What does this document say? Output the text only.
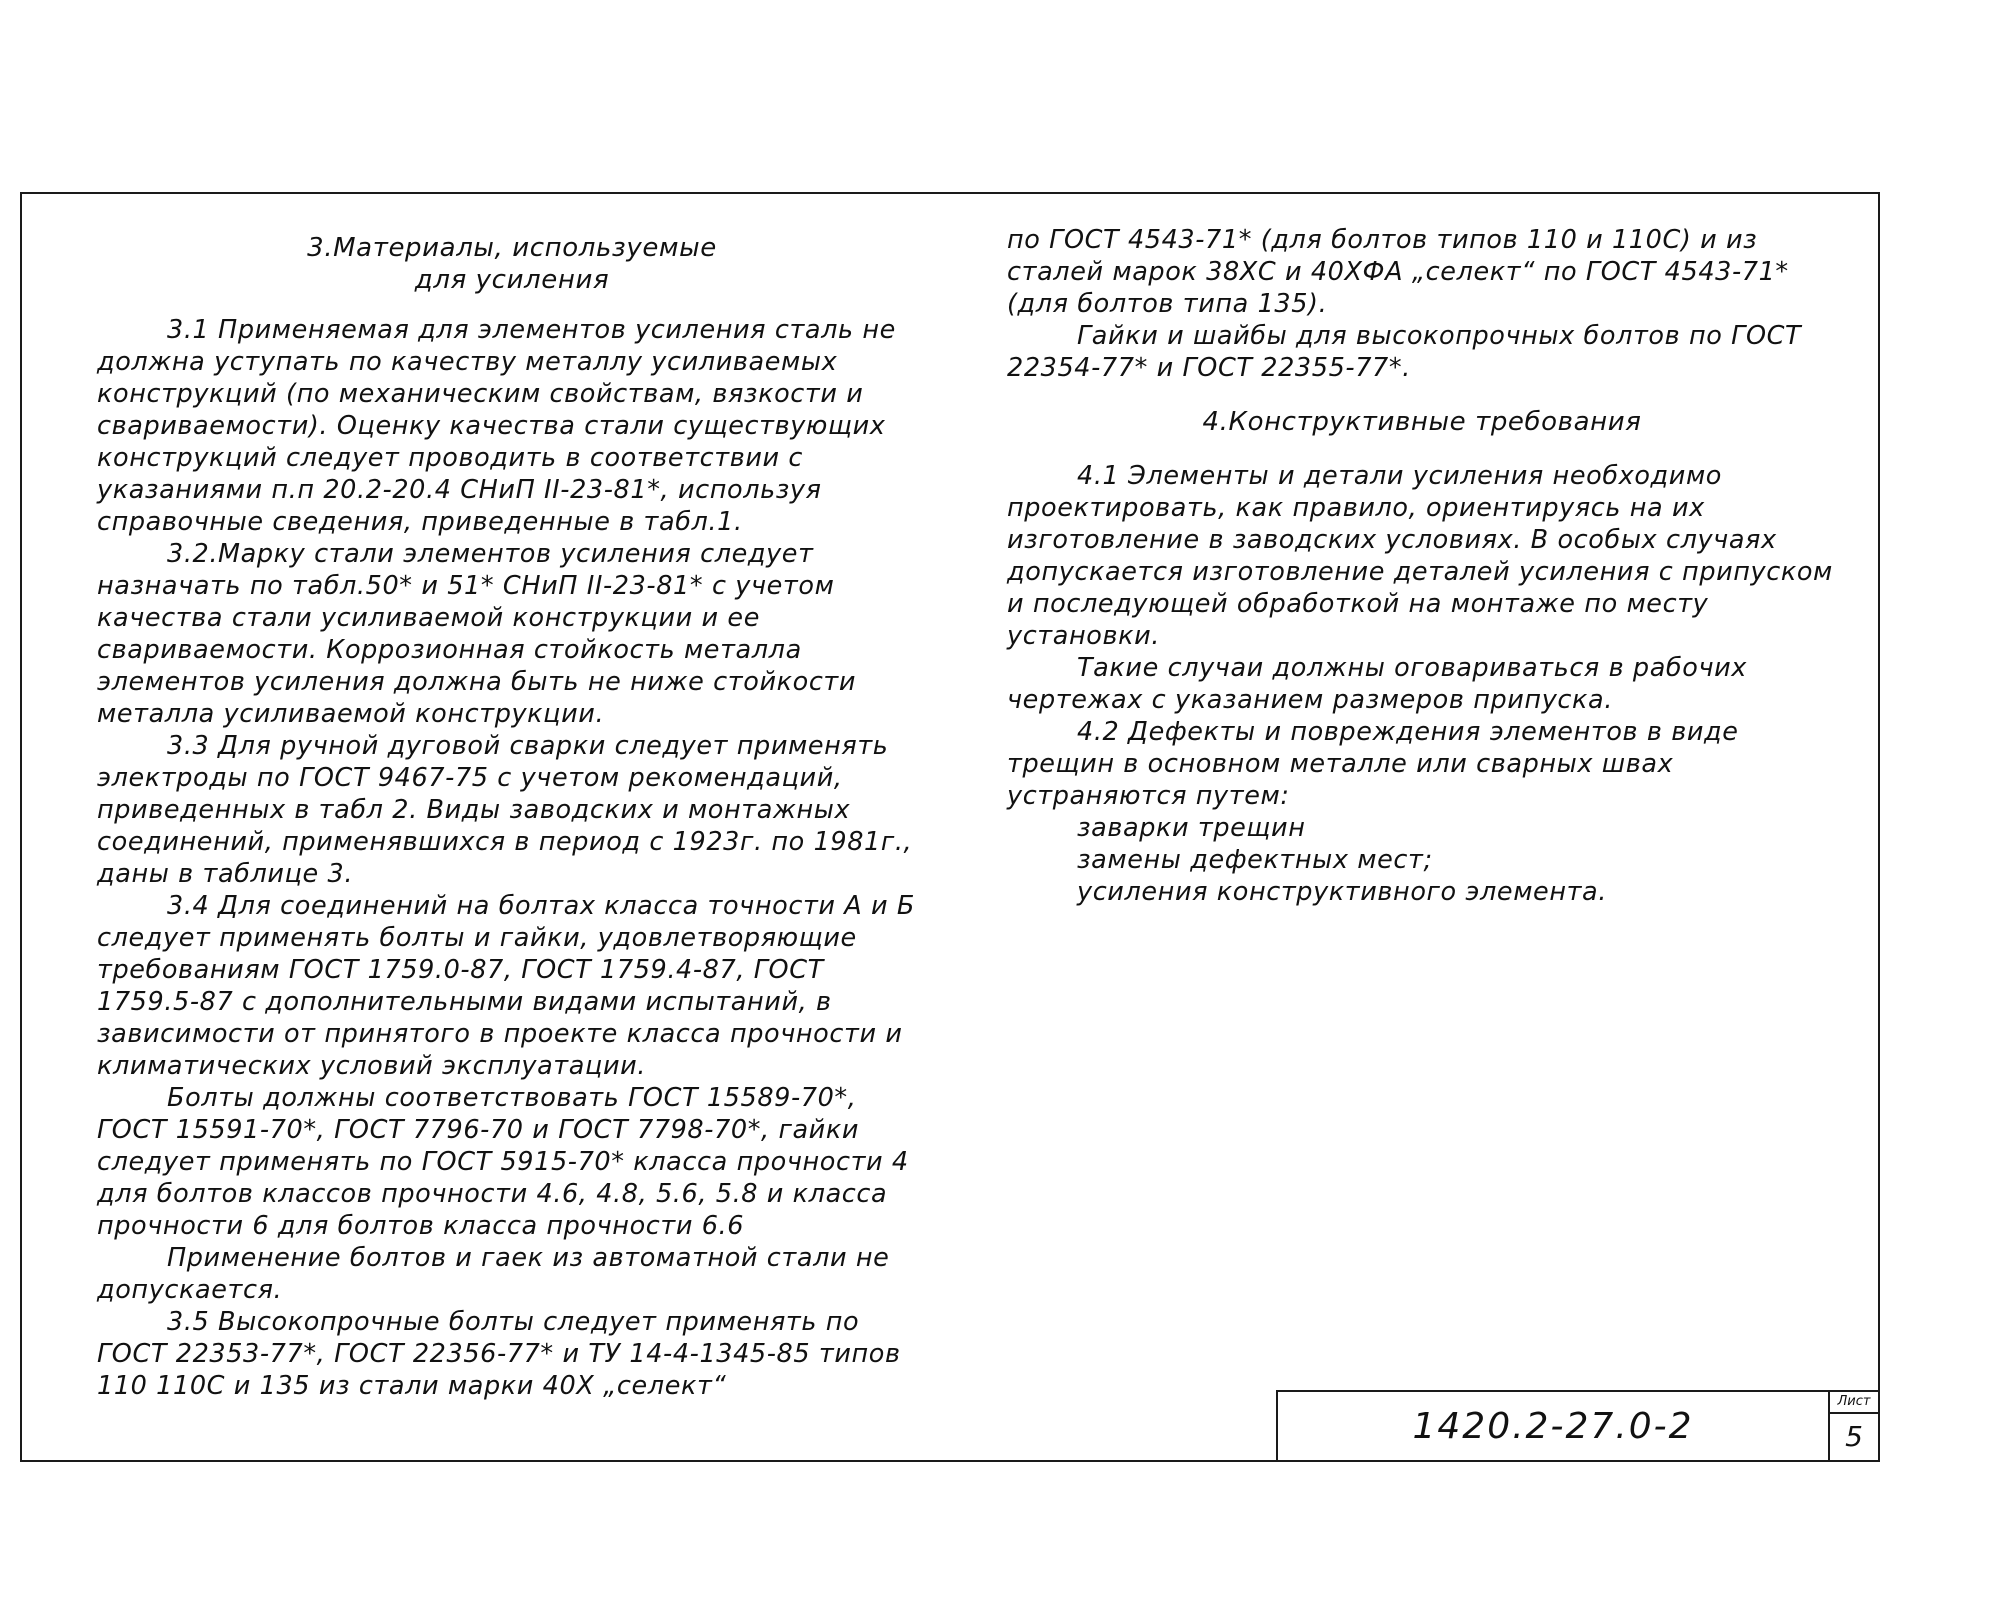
3.Материалы, используемые

для усиления

3.1 Применяемая для элементов усиления сталь не должна уступать по качеству металлу усиливаемых конструкций (по механическим свойствам, вязкости и свариваемости). Оценку качества стали существующих конструкций следует проводить в соответствии с указаниями п.п 20.2-20.4 СНиП II-23-81*, используя справочные сведения, приведенные в табл.1.

3.2.Марку стали элементов усиления следует назначать по табл.50* и 51* СНиП II-23-81* с учетом качества стали усиливаемой конструкции и ее свариваемости. Коррозионная стойкость металла элементов усиления должна быть не ниже стойкости металла усиливаемой конструкции.

3.3 Для ручной дуговой сварки следует применять электроды по ГОСТ 9467-75 с учетом рекомендаций, приведенных в табл 2. Виды заводских и монтажных соединений, применявшихся в период с 1923г. по 1981г., даны в таблице 3.

3.4 Для соединений на болтах класса точности А и Б следует применять болты и гайки, удовлетворяющие требованиям ГОСТ 1759.0-87, ГОСТ 1759.4-87, ГОСТ 1759.5-87 с дополнительными видами испытаний, в зависимости от принятого в проекте класса прочности и климатических условий эксплуатации.

Болты должны соответствовать ГОСТ 15589-70*, ГОСТ 15591-70*, ГОСТ 7796-70 и ГОСТ 7798-70*, гайки следует применять по ГОСТ 5915-70* класса прочности 4 для болтов классов прочности 4.6, 4.8, 5.6, 5.8 и класса прочности 6 для болтов класса прочности 6.6

Применение болтов и гаек из автоматной стали не допускается.

3.5 Высокопрочные болты следует применять по ГОСТ 22353-77*, ГОСТ 22356-77* и ТУ 14-4-1345-85 типов 110 110С и 135 из стали марки 40Х „селект“

по ГОСТ 4543-71* (для болтов типов 110 и 110С) и из сталей марок 38ХС и 40ХФА „селект“ по ГОСТ 4543-71* (для болтов типа 135).

Гайки и шайбы для высокопрочных болтов по ГОСТ 22354-77* и ГОСТ 22355-77*.

4.Конструктивные требования

4.1 Элементы и детали усиления необходимо проектировать, как правило, ориентируясь на их изготовление в заводских условиях. В особых случаях допускается изготовление деталей усиления с припуском и последующей обработкой на монтаже по месту установки.

Такие случаи должны оговариваться в рабочих чертежах с указанием размеров припуска.

4.2 Дефекты и повреждения элементов в виде трещин в основном металле или сварных швах устраняются путем:

заварки трещин

замены дефектных мест;

усиления конструктивного элемента.

1420.2-27.0-2
Лист
5
